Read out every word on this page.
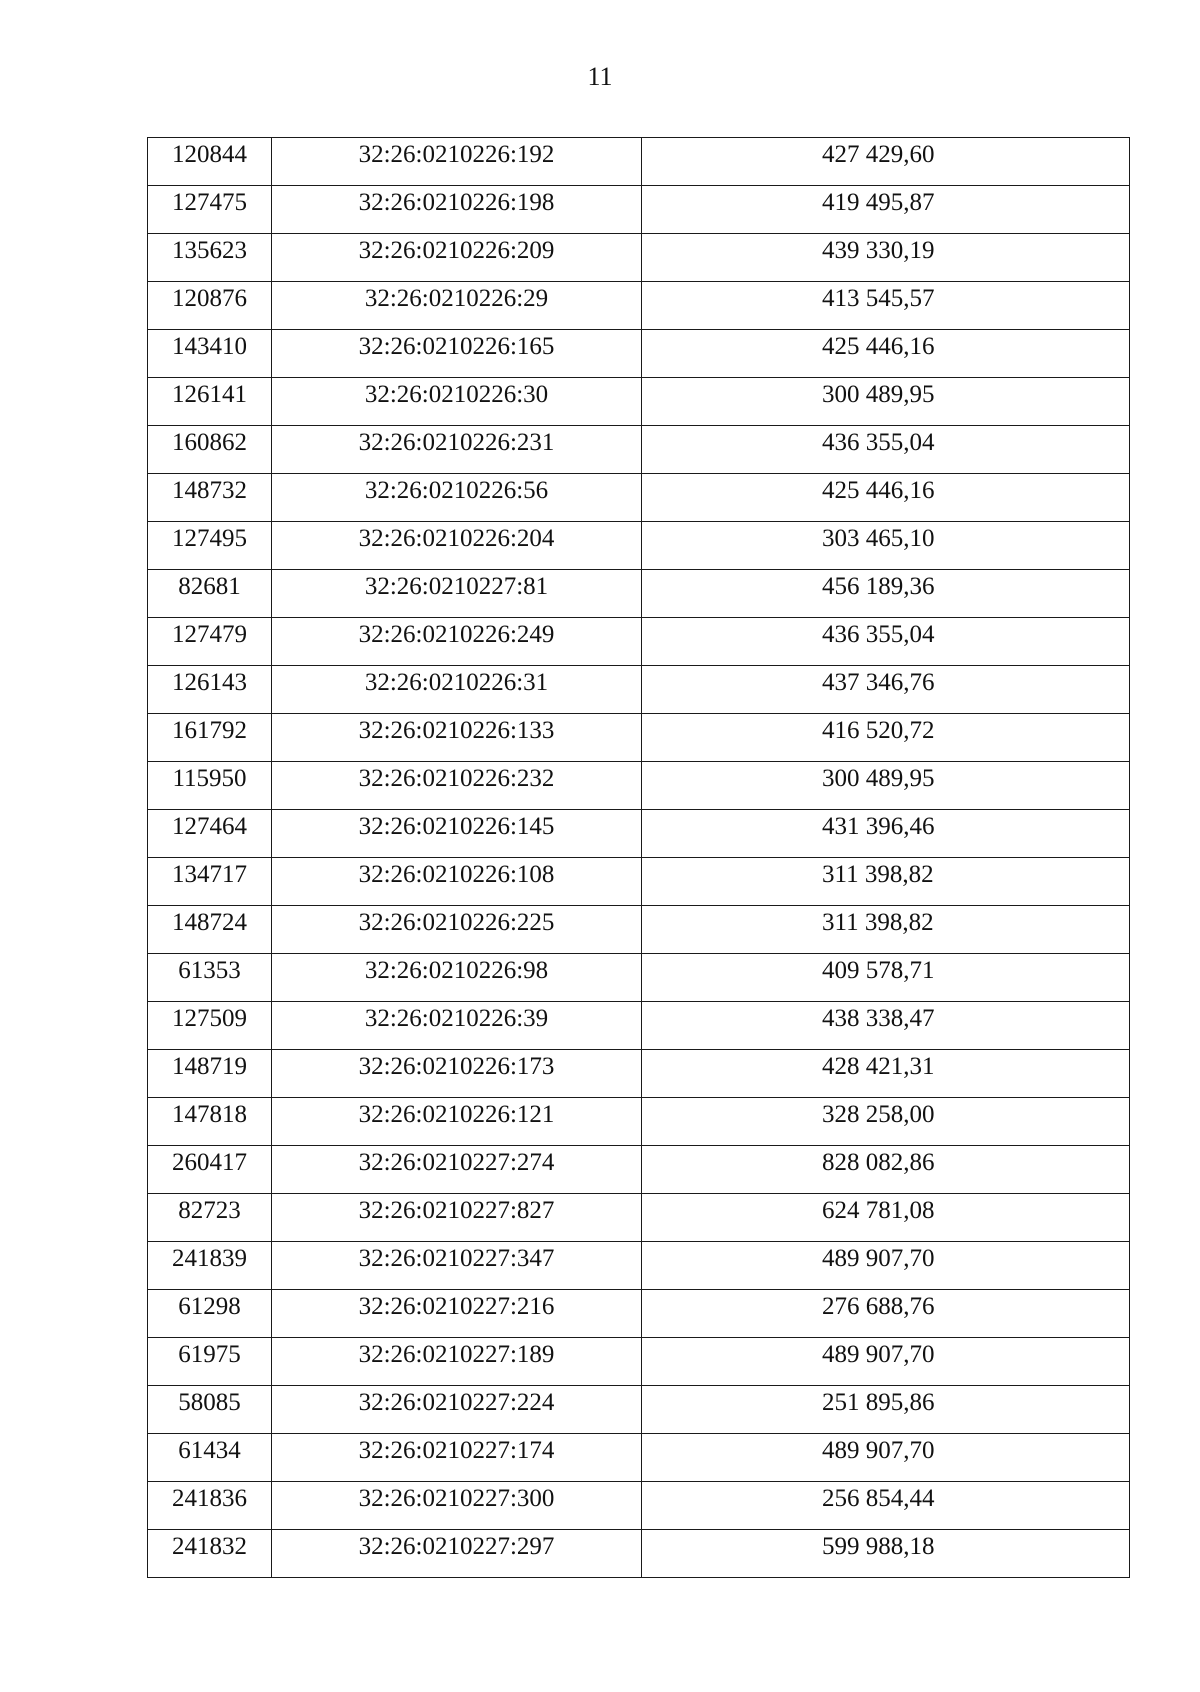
11
120844	32:26:0210226:192	427 429,60

127475	32:26:0210226:198	419 495,87

135623	32:26:0210226:209	439 330,19

120876	32:26:0210226:29	413 545,57

143410	32:26:0210226:165	425 446,16

126141	32:26:0210226:30	300 489,95

160862	32:26:0210226:231	436 355,04

148732	32:26:0210226:56	425 446,16

127495	32:26:0210226:204	303 465,10

82681	32:26:0210227:81	456 189,36

127479	32:26:0210226:249	436 355,04

126143	32:26:0210226:31	437 346,76

161792	32:26:0210226:133	416 520,72

115950	32:26:0210226:232	300 489,95

127464	32:26:0210226:145	431 396,46

134717	32:26:0210226:108	311 398,82

148724	32:26:0210226:225	311 398,82

61353	32:26:0210226:98	409 578,71

127509	32:26:0210226:39	438 338,47

148719	32:26:0210226:173	428 421,31

147818	32:26:0210226:121	328 258,00

260417	32:26:0210227:274	828 082,86

82723	32:26:0210227:827	624 781,08

241839	32:26:0210227:347	489 907,70

61298	32:26:0210227:216	276 688,76

61975	32:26:0210227:189	489 907,70

58085	32:26:0210227:224	251 895,86

61434	32:26:0210227:174	489 907,70

241836	32:26:0210227:300	256 854,44

241832	32:26:0210227:297	599 988,18
